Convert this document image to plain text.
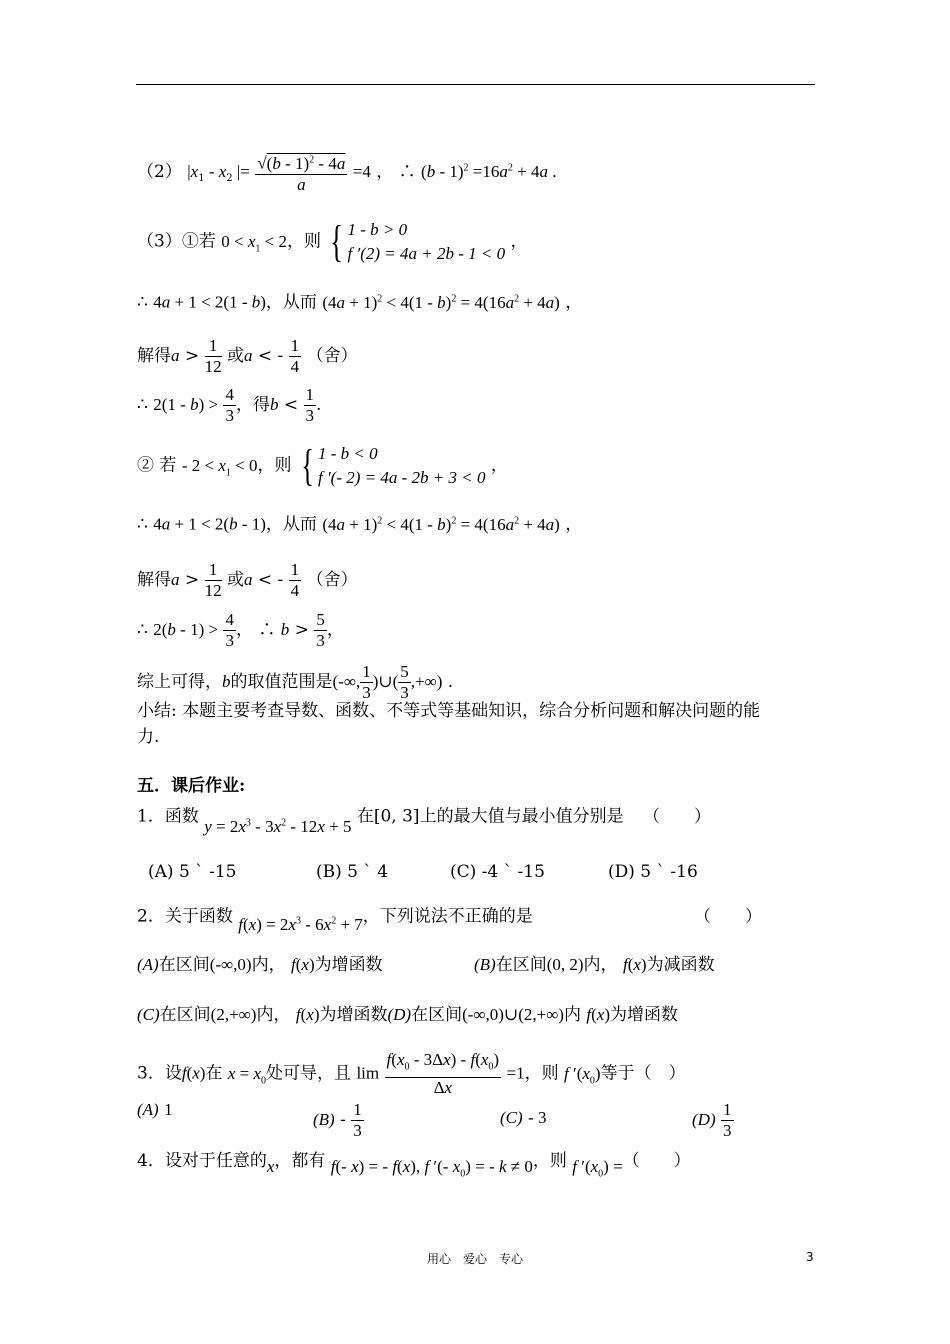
（2） $|x_1 - x_2$ |= $\frac{√(b - 1)^2 - 4a}{a} =4$ ， ∴ $(b - 1)^2 =16a^2 + 4a$ .
（3）①若 $0 < x_1 < 2$，则 { 1 - b > 0
f ′(2) = 4a + 2b - 1 < 0 ，
∴ 4a + 1 < 2(1 - b)，从而 $(4a + 1)^2 < 4(1 - b)^2 = 4(16a^2 + 4a)$ ，
解得$a > \frac{1}{12}$ 或a < - $\frac{1}{4}$ （舍）
∴ $2(1 - b) > \frac{4}{3}$ ，得$b < \frac{1}{3}$ .
② 若 - $2 < x_1 < 0$，则 { 1 - b < 0
f ′(- 2) = 4a - 2b + 3 < 0 ，
∴ 4a + 1 < 2(b - 1)，从而 $(4a + 1)^2 < 4(1 - b)^2 = 4(16a^2 + 4a)$ ，
解得$a > \frac{1}{12}$ 或a < - $\frac{1}{4}$ （舍）
∴ $2(b - 1) > \frac{4}{3}$ ， ∴ $b > \frac{5}{3}$ ，
综上可得，b的取值范围是(-∞, $\frac{1}{3}$ )∪( $\frac{5}{3}$ ,+∞) .
小结: 本题主要考查导数、函数、不等式等基础知识，综合分析问题和解决问题的能
力.
五．课后作业:
1．函数 $y = 2x^3 - 3x^2 - 12x + 5$ 在[0, 3]上的最大值与最小值分别是 （　　）
(A) 5 ` -15	(B) 5 ` 4	(C) -4 ` -15	(D) 5 ` -16
2．关于函数 $f(x) = 2x^3 - 6x^2 + 7$，下列说法不正确的是	（　　）
(A)在区间(-∞,0)内， f(x)为增函数	(B)在区间(0, 2)内， f(x)为减函数
(C)在区间(2,+∞)内， f(x)为增函数(D)在区间(-∞,0)∪(2,+∞)内 f(x)为增函数
3．设f(x)在 $x = x_0$处可导，且 $\lim \frac{f(x_0 - 3\Delta x) - f(x_0)}{\Delta x} =1$，则 f $'(x_0)$等于（　）
(A) 1
$(B) - \frac{1}{3}$	(C) - 3	$(D) \frac{1}{3}$
4．设对于任意的x，都有 f(- x) = - f(x), f ′(- $x_0$) = - k ≠ 0，则 f $'(x_0)$ =（　　）
用心　爱心　专心	3
